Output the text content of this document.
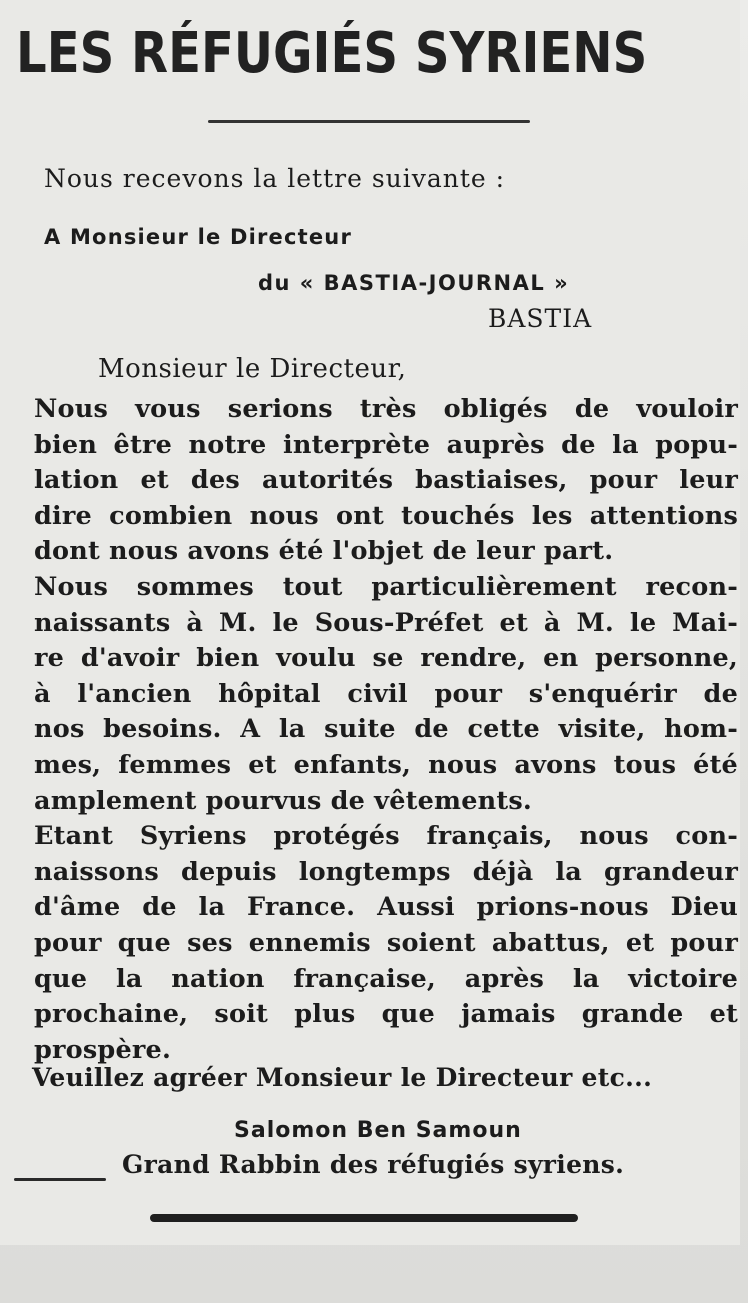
LES RÉFUGIÉS SYRIENS
Nous recevons la lettre suivante :
A Monsieur le Directeur
du « BASTIA-JOURNAL »
BASTIA
Monsieur le Directeur,
Nous vous serions très obligés de vouloir
bien être notre interprète auprès de la popu-
lation et des autorités bastiaises, pour leur
dire combien nous ont touchés les attentions
dont nous avons été l'objet de leur part.
Nous sommes tout particulièrement recon-
naissants à M. le Sous-Préfet et à M. le Mai-
re d'avoir bien voulu se rendre, en personne,
à l'ancien hôpital civil pour s'enquérir de
nos besoins. A la suite de cette visite, hom-
mes, femmes et enfants, nous avons tous été
amplement pourvus de vêtements.
Etant Syriens protégés français, nous con-
naissons depuis longtemps déjà la grandeur
d'âme de la France. Aussi prions-nous Dieu
pour que ses ennemis soient abattus, et pour
que la nation française, après la victoire
prochaine, soit plus que jamais grande et
prospère.
Veuillez agréer Monsieur le Directeur etc...
Salomon Ben Samoun
Grand Rabbin des réfugiés syriens.
